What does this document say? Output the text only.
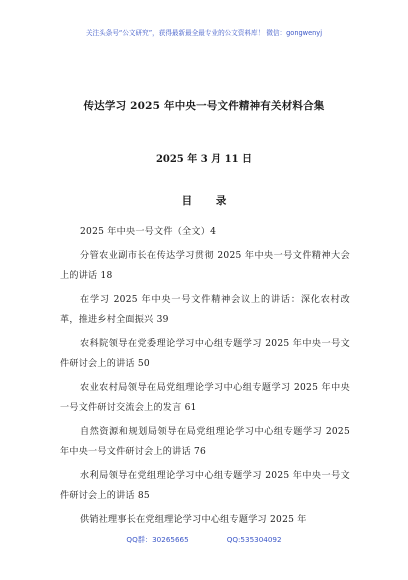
关注头条号“公文研究”，获得最新最全最专业的公文资料库！ 微信：gongwenyj
传达学习 2025 年中央一号文件精神有关材料合集
2025 年 3 月 11 日
目 录
2025 年中央一号文件（全文）4
分管农业副市长在传达学习贯彻 2025 年中央一号文件精神大会上的讲话 18
在学习 2025 年中央一号文件精神会议上的讲话：深化农村改革，推进乡村全面振兴 39
农科院领导在党委理论学习中心组专题学习 2025 年中央一号文件研讨会上的讲话 50
农业农村局领导在局党组理论学习中心组专题学习 2025 年中央一号文件研讨交流会上的发言 61
自然资源和规划局领导在局党组理论学习中心组专题学习 2025 年中央一号文件研讨会上的讲话 76
水利局领导在党组理论学习中心组专题学习 2025 年中央一号文件研讨会上的讲话 85
供销社理事长在党组理论学习中心组专题学习 2025 年
QQ群：30265665	QQ:535304092
